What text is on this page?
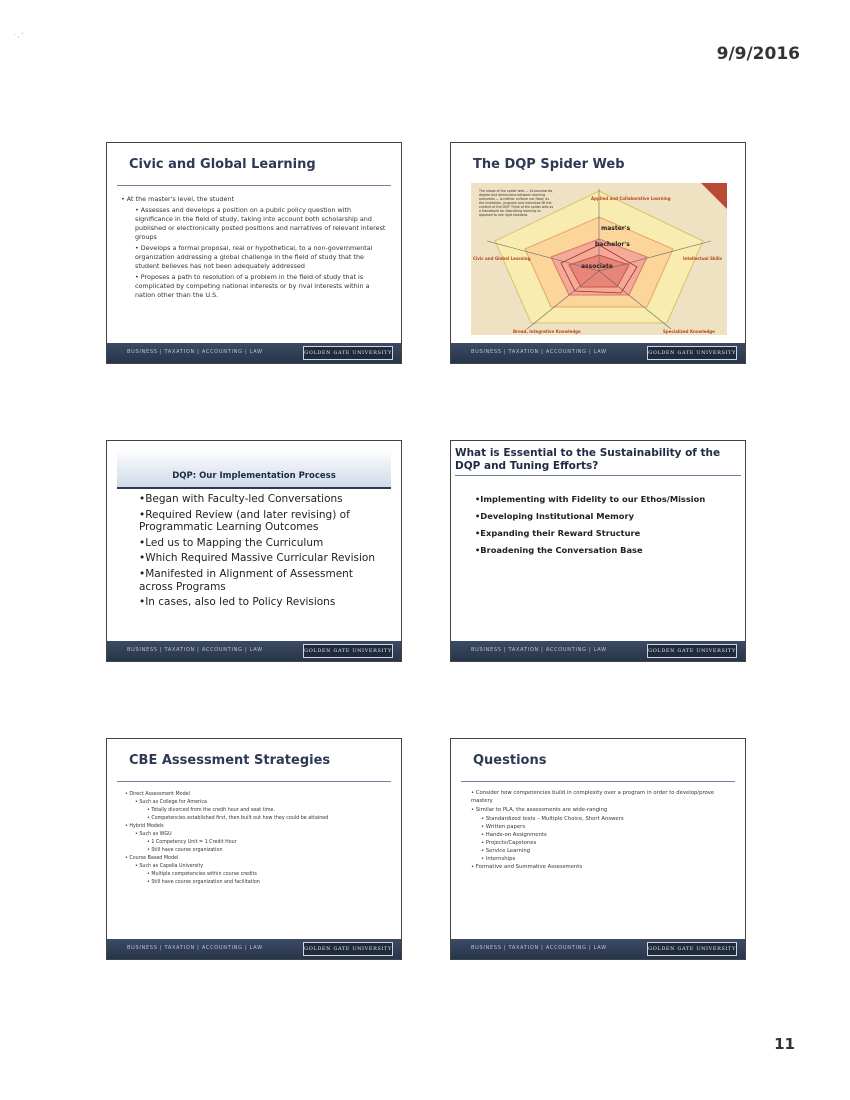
· ˌ '
9/9/2016
Civic and Global Learning
• At the master's level, the student
• Assesses and develops a position on a public policy question with significance in the field of study, taking into account both scholarship and published or electronically posted positions and narratives of relevant interest groups
• Develops a formal proposal, real or hypothetical, to a non-governmental organization addressing a global challenge in the field of study that the student believes has not been adequately addressed
• Proposes a path to resolution of a problem in the field of study that is complicated by competing national interests or by rival interests within a nation other than the U.S.
BUSINESS | TAXATION | ACCOUNTING | LAW	GOLDEN GATE UNIVERSITY
The DQP Spider Web
The shape of the spider web — its boundaries, degree and dimensions between learning outcomes — is neither uniform nor fixed; as the institution, program and individual fill the content of the DQP. Think of the spider web as a framework for describing learning as opposed to one rigid standard.
Applied and Collaborative Learning
Civic and Global Learning	Intellectual Skills
Broad, Integrative Knowledge	Specialized Knowledge
master's
bachelor's
associate
BUSINESS | TAXATION | ACCOUNTING | LAW	GOLDEN GATE UNIVERSITY
DQP: Our Implementation Process
•Began with Faculty-led Conversations
•Required Review (and later revising) of Programmatic Learning Outcomes
•Led us to Mapping the Curriculum
•Which Required Massive Curricular Revision
•Manifested in Alignment of Assessment across Programs
•In cases, also led to Policy Revisions
BUSINESS | TAXATION | ACCOUNTING | LAW	GOLDEN GATE UNIVERSITY
What is Essential to the Sustainability of the DQP and Tuning Efforts?
•Implementing with Fidelity to our Ethos/Mission
•Developing Institutional Memory
•Expanding their Reward Structure
•Broadening the Conversation Base
BUSINESS | TAXATION | ACCOUNTING | LAW	GOLDEN GATE UNIVERSITY
CBE Assessment Strategies
• Direct Assessment Model
• Such as College for America
• Totally divorced from the credit hour and seat time.
• Competencies established first, then built out how they could be attained
• Hybrid Models
• Such as WGU
• 1 Competency Unit = 1 Credit Hour
• Still have course organization
• Course Based Model
• Such as Capella University
• Multiple competencies within course credits
• Still have course organization and facilitation
BUSINESS | TAXATION | ACCOUNTING | LAW	GOLDEN GATE UNIVERSITY
Questions
• Consider how competencies build in complexity over a program in order to develop/prove mastery
• Similar to PLA, the assessments are wide-ranging
• Standardized tests – Multiple Choice, Short Answers
• Written papers
• Hands-on Assignments
• Projects/Capstones
• Service Learning
• Internships
• Formative and Summative Assessments
BUSINESS | TAXATION | ACCOUNTING | LAW	GOLDEN GATE UNIVERSITY
11
